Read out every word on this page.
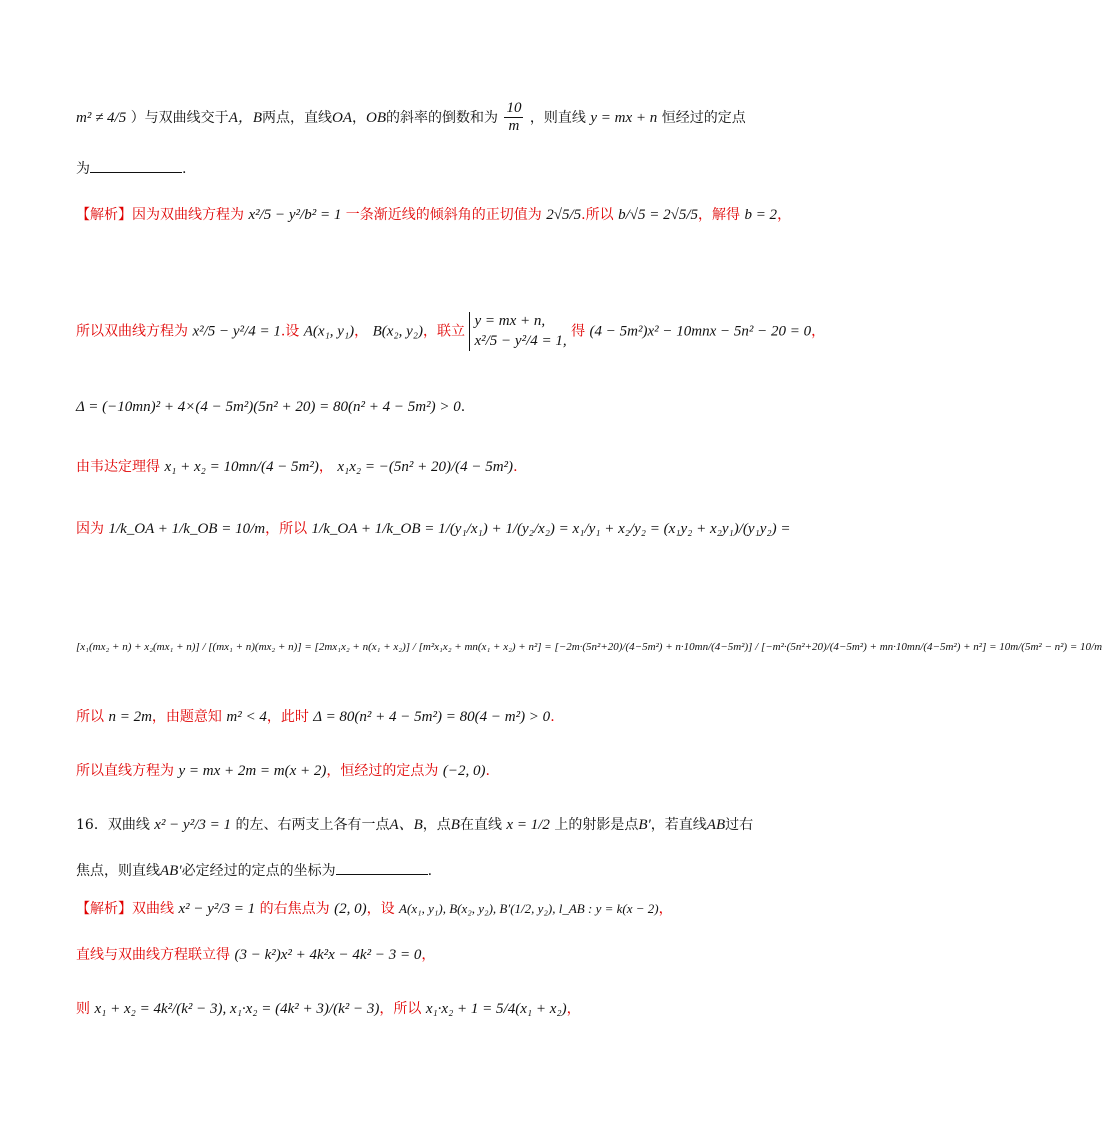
m² ≠ 4/5 ）与双曲线交于A，B两点，直线OA，OB的斜率的倒数和为 $\frac{10}{m}$ ，则直线 y = mx + n 恒经过的定点
为	.
【解析】因为双曲线方程为 x²/5 − y²/b² = 1 一条渐近线的倾斜角的正切值为 2√5/5.所以 b/√5 = 2√5/5，解得 b = 2，
所以双曲线方程为 x²/5 − y²/4 = 1.设 A(x₁, y₁)， B(x₂, y₂)，联立
y = mx + n,
x²/5 − y²/4 = 1,
得 (4 − 5m²)x² − 10mnx − 5n² − 20 = 0，
Δ = (−10mn)² + 4×(4 − 5m²)(5n² + 20) = 80(n² + 4 − 5m²) > 0.
由韦达定理得 x₁ + x₂ = 10mn/(4 − 5m²)， x₁x₂ = −(5n² + 20)/(4 − 5m²).
因为 1/k_OA + 1/k_OB = 10/m，所以 1/k_OA + 1/k_OB = 1/(y₁/x₁) + 1/(y₂/x₂) = x₁/y₁ + x₂/y₂ = (x₁y₂ + x₂y₁)/(y₁y₂) =
[x₁(mx₂ + n) + x₂(mx₁ + n)] / [(mx₁ + n)(mx₂ + n)] = [2mx₁x₂ + n(x₁ + x₂)] / [m²x₁x₂ + mn(x₁ + x₂) + n²] = [−2m·(5n²+20)/(4−5m²) + n·10mn/(4−5m²)] / [−m²·(5n²+20)/(4−5m²) + mn·10mn/(4−5m²) + n²] = 10m/(5m² − n²) = 10/m
所以 n = 2m，由题意知 m² < 4，此时 Δ = 80(n² + 4 − 5m²) = 80(4 − m²) > 0.
所以直线方程为 y = mx + 2m = m(x + 2)，恒经过的定点为 (−2, 0).
16．双曲线 x² − y²/3 = 1 的左、右两支上各有一点A、B，点B在直线 x = 1/2 上的射影是点B′，若直线AB过右
焦点，则直线AB′必定经过的定点的坐标为	.
【解析】双曲线 x² − y²/3 = 1 的右焦点为 (2, 0)，设 A(x₁, y₁), B(x₂, y₂), B′(1/2, y₂), l_AB : y = k(x − 2)，
直线与双曲线方程联立得 (3 − k²)x² + 4k²x − 4k² − 3 = 0，
则 x₁ + x₂ = 4k²/(k² − 3), x₁·x₂ = (4k² + 3)/(k² − 3)，所以 x₁·x₂ + 1 = 5/4(x₁ + x₂)，
